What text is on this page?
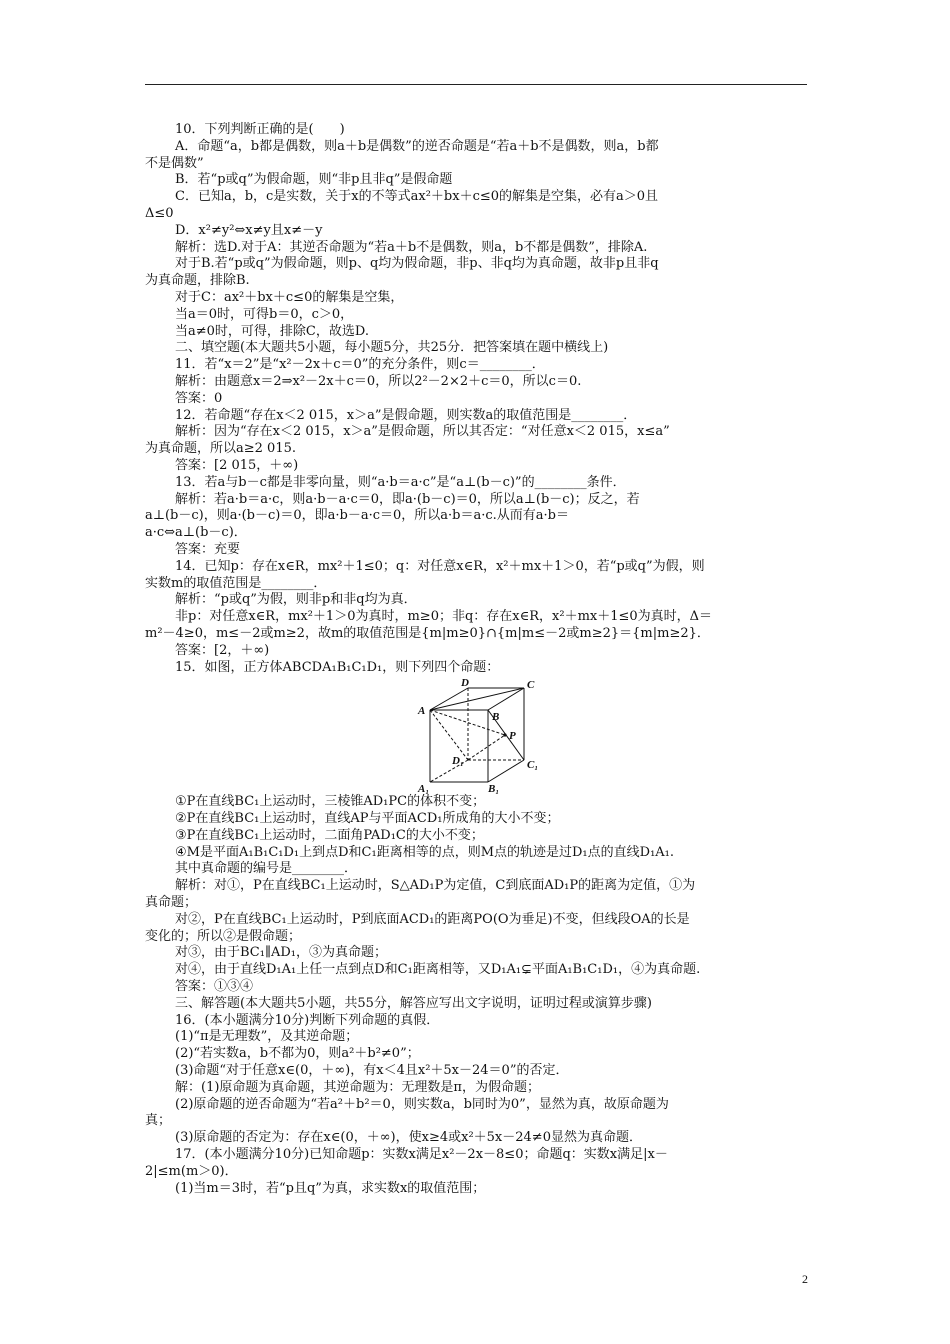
10．下列判断正确的是(　　)
A．命题“a，b都是偶数，则a＋b是偶数”的逆否命题是“若a＋b不是偶数，则a，b都
不是偶数”
B．若“p或q”为假命题，则“非p且非q”是假命题
C．已知a，b，c是实数，关于x的不等式ax²＋bx＋c≤0的解集是空集，必有a＞0且
Δ≤0
D．x²≠y²⇔x≠y且x≠－y
解析：选D.对于A：其逆否命题为“若a＋b不是偶数，则a，b不都是偶数”，排除A.
对于B.若“p或q”为假命题，则p、q均为假命题，非p、非q均为真命题，故非p且非q
为真命题，排除B.
对于C：ax²＋bx＋c≤0的解集是空集，
当a＝0时，可得b＝0，c＞0，
当a≠0时，可得，排除C，故选D.
二、填空题(本大题共5小题，每小题5分，共25分．把答案填在题中横线上)
11．若“x＝2”是“x²－2x＋c＝0”的充分条件，则c＝________．
解析：由题意x＝2⇒x²－2x＋c＝0，所以2²－2×2＋c＝0，所以c＝0.
答案：0
12．若命题“存在x＜2 015，x＞a”是假命题，则实数a的取值范围是________．
解析：因为“存在x＜2 015，x＞a”是假命题，所以其否定：“对任意x＜2 015，x≤a”
为真命题，所以a≥2 015.
答案：[2 015，＋∞)
13．若a与b－c都是非零向量，则“a·b＝a·c”是“a⊥(b－c)”的________条件．
解析：若a·b＝a·c，则a·b－a·c＝0，即a·(b－c)＝0，所以a⊥(b－c)；反之，若
a⊥(b－c)，则a·(b－c)＝0，即a·b－a·c＝0，所以a·b＝a·c.从而有a·b＝
a·c⇔a⊥(b－c)．
答案：充要
14．已知p：存在x∈R，mx²＋1≤0；q：对任意x∈R，x²＋mx＋1＞0，若“p或q”为假，则
实数m的取值范围是________．
解析：“p或q”为假，则非p和非q均为真．
非p：对任意x∈R，mx²＋1＞0为真时，m≥0；非q：存在x∈R，x²＋mx＋1≤0为真时，Δ＝
m²－4≥0，m≤－2或m≥2，故m的取值范围是{m|m≥0}∩{m|m≤－2或m≥2}＝{m|m≥2}．
答案：[2，＋∞)
15．如图，正方体ABCDA₁B₁C₁D₁，则下列四个命题：
A
D	C
B
P
D₁	C₁
A₁	B₁
①P在直线BC₁上运动时，三棱锥AD₁PC的体积不变；
②P在直线BC₁上运动时，直线AP与平面ACD₁所成角的大小不变；
③P在直线BC₁上运动时，二面角PAD₁C的大小不变；
④M是平面A₁B₁C₁D₁上到点D和C₁距离相等的点，则M点的轨迹是过D₁点的直线D₁A₁.
其中真命题的编号是________．
解析：对①，P在直线BC₁上运动时，S△AD₁P为定值，C到底面AD₁P的距离为定值，①为
真命题；
对②，P在直线BC₁上运动时，P到底面ACD₁的距离PO(O为垂足)不变，但线段OA的长是
变化的；所以②是假命题；
对③，由于BC₁∥AD₁，③为真命题；
对④，由于直线D₁A₁上任一点到点D和C₁距离相等，又D₁A₁⊊平面A₁B₁C₁D₁，④为真命题.
答案：①③④
三、解答题(本大题共5小题，共55分，解答应写出文字说明，证明过程或演算步骤)
16．(本小题满分10分)判断下列命题的真假．
(1)“π是无理数”，及其逆命题；
(2)“若实数a，b不都为0，则a²＋b²≠0”；
(3)命题“对于任意x∈(0，＋∞)，有x＜4且x²＋5x－24＝0”的否定．
解：(1)原命题为真命题，其逆命题为：无理数是π，为假命题；
(2)原命题的逆否命题为“若a²＋b²＝0，则实数a，b同时为0”，显然为真，故原命题为
真；
(3)原命题的否定为：存在x∈(0，＋∞)，使x≥4或x²＋5x－24≠0显然为真命题．
17．(本小题满分10分)已知命题p：实数x满足x²－2x－8≤0；命题q：实数x满足|x－
2|≤m(m＞0)．
(1)当m＝3时，若“p且q”为真，求实数x的取值范围；
2
